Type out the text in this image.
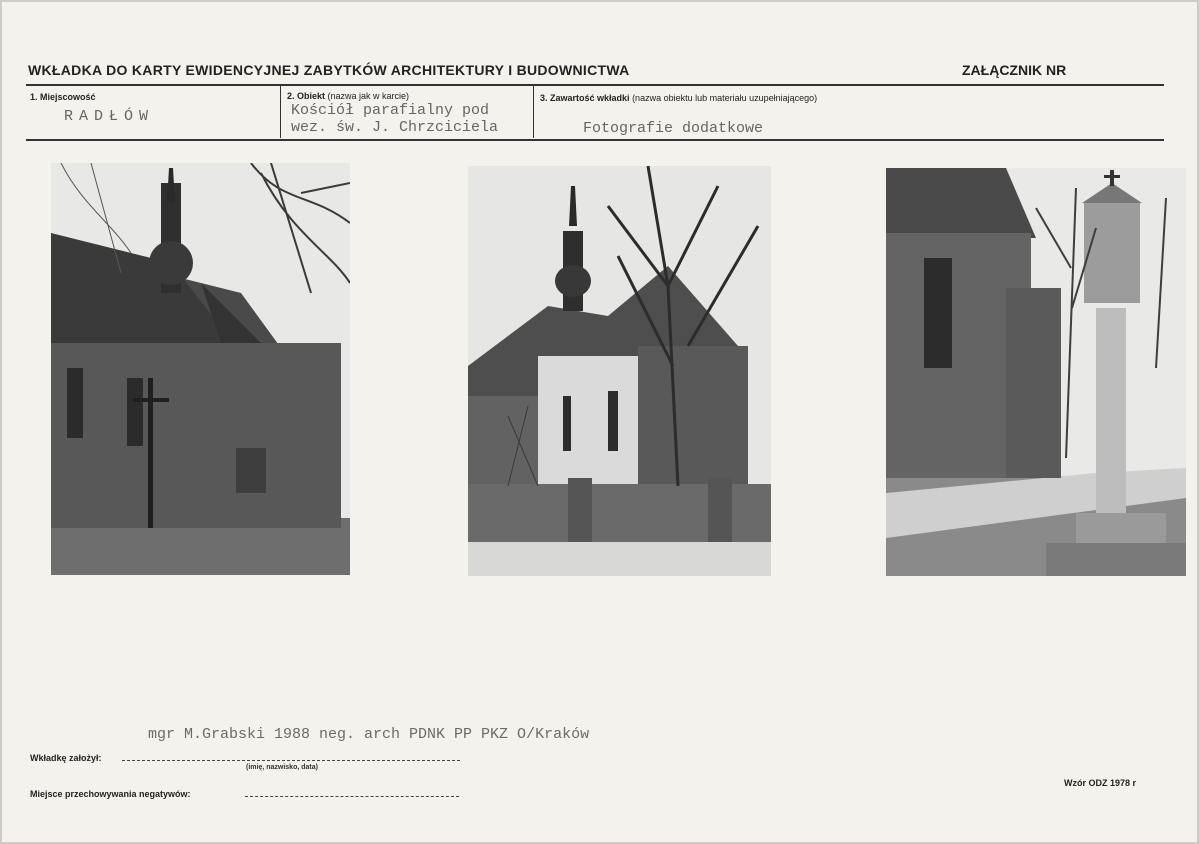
WKŁADKA DO KARTY EWIDENCYJNEJ ZABYTKÓW ARCHITEKTURY I BUDOWNICTWA	ZAŁĄCZNIK NR
1. Miejscowość
RADŁÓW
2. Obiekt (nazwa jak w karcie)
Kościół parafialny pod
wez. św. J. Chrzciciela
3. Zawartość wkładki (nazwa obiektu lub materiału uzupełniającego)
Fotografie dodatkowe
mgr M.Grabski 1988 neg. arch PDNK PP PKZ O/Kraków
Wkładkę założył:
(imię, nazwisko, data)
Miejsce przechowywania negatywów:
Wzór ODZ 1978 r
